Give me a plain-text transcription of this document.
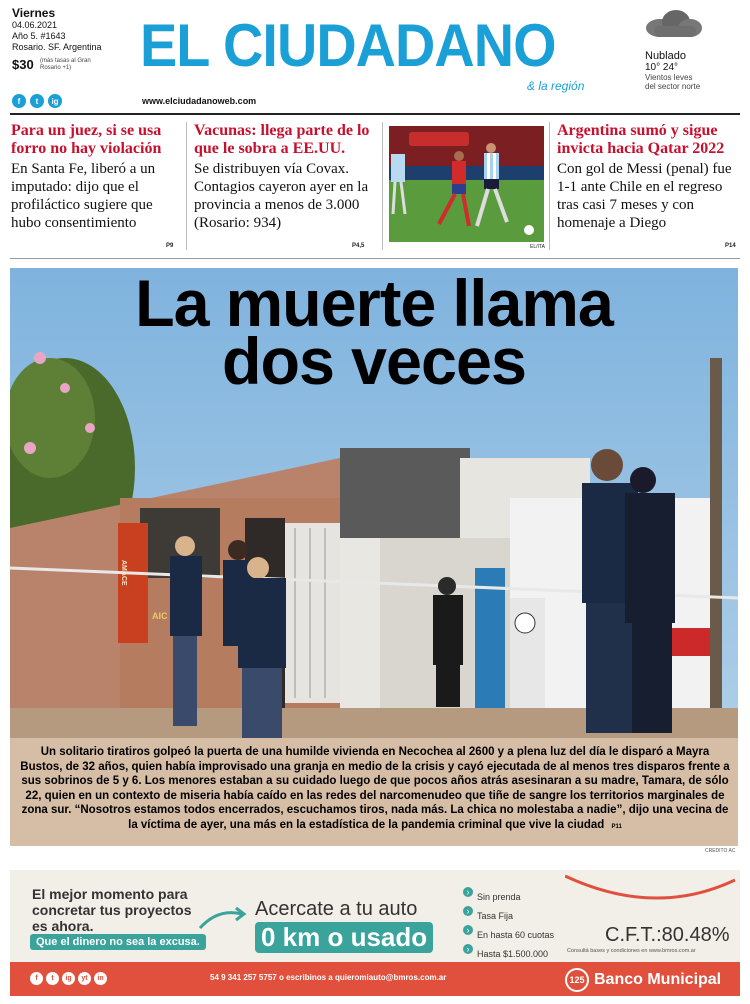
Viernes
04.06.2021
Año 5. #1643
Rosario. SF. Argentina
$30 (más tasas al Gran Rosario +1)	EL CIUDADANO
& la región
Nublado
10° 24°
Vientos leves
del sector norte
f	t	ig	www.elciudadanoweb.com
Para un juez, si se usa forro no hay violación

En Santa Fe, liberó a un imputado: dijo que el profiláctico sugiere que hubo consentimiento

P9
Vacunas: llega parte de lo que le sobra a EE.UU.

Se distribuyen vía Covax. Contagios cayeron ayer en la provincia a menos de 3.000 (Rosario: 934)

P4,5	EL/ITA
Argentina sumó y sigue invicta hacia Qatar 2022

Con gol de Messi (penal) fue 1-1 ante Chile en el regreso tras casi 7 meses y con homenaje a Diego

P14
La muerte llama
dos veces
AIC
AMACE
Un solitario tiratiros golpeó la puerta de una humilde vivienda en Necochea al 2600 y a plena luz del día le disparó a Mayra Bustos, de 32 años, quien había improvisado una granja en medio de la crisis y cayó ejecutada de al menos tres disparos frente a sus sobrinos de 5 y 6. Los menores estaban a su cuidado luego de que pocos años atrás asesinaran a su madre, Tamara, de sólo 22, quien en un contexto de miseria había caído en las redes del narcomenudeo que tiñe de sangre los territorios marginales de zona sur. “Nosotros estamos todos encerrados, escuchamos tiros, nada más. La chica no molestaba a nadie”, dijo una vecina de la víctima de ayer, una más en la estadística de la pandemia criminal que vive la ciudad P11
CREDITO AC
El mejor momento para
concretar tus proyectos
es ahora.
Que el dinero no sea la excusa.
Acercate a tu auto
0 km o usado
› Sin prenda
› Tasa Fija
› En hasta 60 cuotas
› Hasta $1.500.000
C.F.T.:80.48%
Consultá bases y condiciones en www.bmros.com.ar
f	t	ig	yt	in	54 9 341 257 5757 o escribinos a quieromiauto@bmros.com.ar	125 Banco Municipal
